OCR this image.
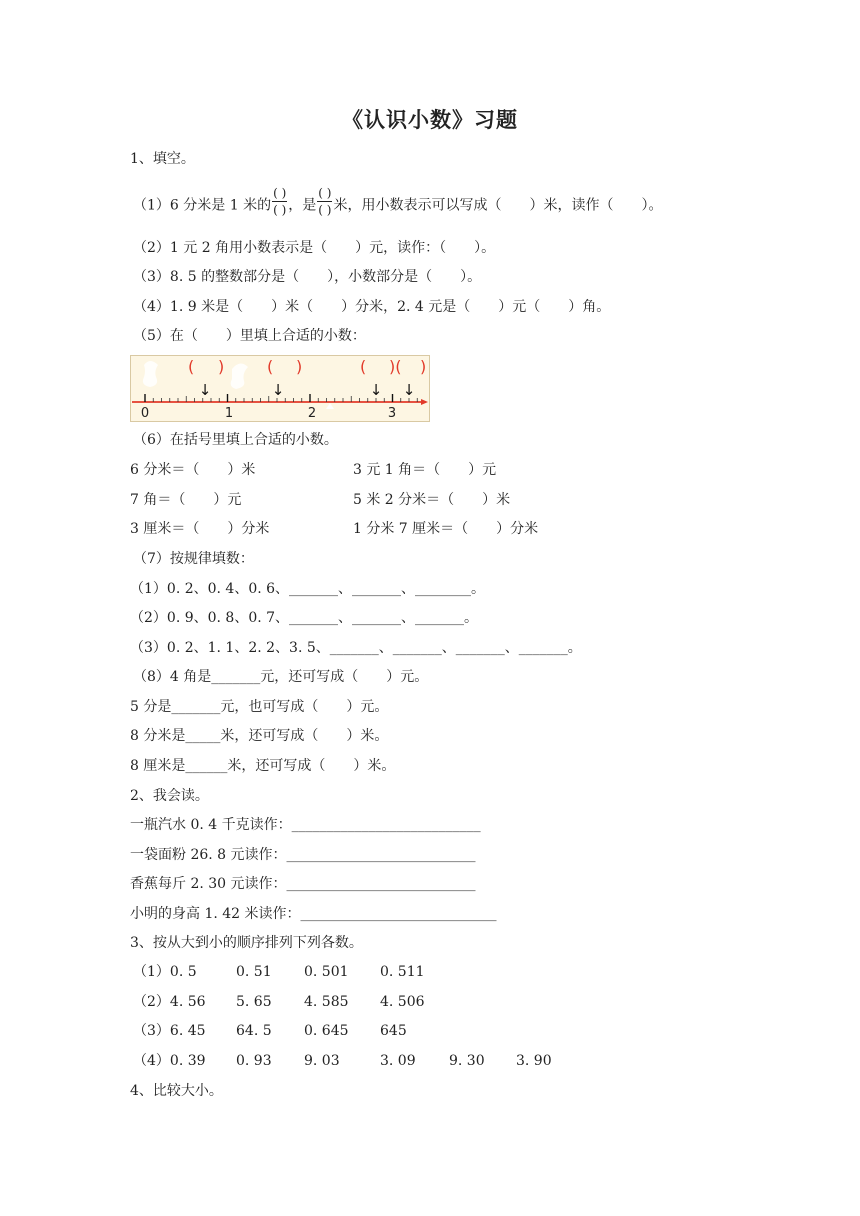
《认识小数》习题
1、填空。
（1）6 分米是 1 米的 $\frac{( )}{( )}$ ，是 $\frac{( )}{( )}$ 米，用小数表示可以写成（　　）米，读作（　　）。
（2）1 元 2 角用小数表示是（　　）元，读作：（　　）。
（3）8. 5 的整数部分是（　　），小数部分是（　　）。
（4）1. 9 米是（　　）米（　　）分米，2. 4 元是（　　）元（　　）角。
（5）在（　　）里填上合适的小数：
0	1	2	3
( )	( )	( )( )
↓	↓	↓ ↓
（6）在括号里填上合适的小数。
6 分米＝（　　）米	3 元 1 角＝（　　）元
7 角＝（　　）元	5 米 2 分米＝（　　）米
3 厘米＝（　　）分米	1 分米 7 厘米＝（　　）分米
（7）按规律填数：
（1）0. 2、0. 4、0. 6、_______、_______、________。
（2）0. 9、0. 8、0. 7、_______、_______、_______。
（3）0. 2、1. 1、2. 2、3. 5、_______、_______、_______、_______。
（8）4 角是_______元，还可写成（　　）元。
5 分是_______元，也可写成（　　）元。
8 分米是_____米，还可写成（　　）米。
8 厘米是______米，还可写成（　　）米。
2、我会读。
一瓶汽水 0. 4 千克读作：___________________________
一袋面粉 26. 8 元读作：___________________________
香蕉每斤 2. 30 元读作：___________________________
小明的身高 1. 42 米读作：____________________________
3、按从大到小的顺序排列下列各数。
（1）0. 5	0. 51 0. 501 0. 511
（2）4. 56 5. 65 4. 585 4. 506
（3）6. 45 64. 5 0. 645 645
（4）0. 39 0. 93 9. 03	3. 09 9. 30 3. 90
4、比较大小。
